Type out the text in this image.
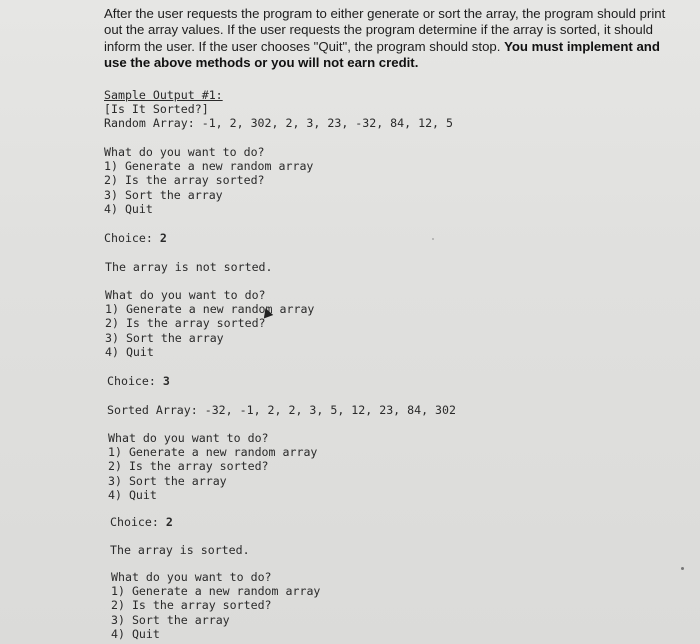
After the user requests the program to either generate or sort the array, the program should print out the array values. If the user requests the program determine if the array is sorted, it should inform the user. If the user chooses "Quit", the program should stop. You must implement and use the above methods or you will not earn credit.
Sample Output #1:
[Is It Sorted?]
Random Array: -1, 2, 302, 2, 3, 23, -32, 84, 12, 5
What do you want to do?
1) Generate a new random array
2) Is the array sorted?
3) Sort the array
4) Quit
Choice: 2
The array is not sorted.
What do you want to do?
1) Generate a new random array
2) Is the array sorted?
3) Sort the array
4) Quit
Choice: 3
Sorted Array: -32, -1, 2, 2, 3, 5, 12, 23, 84, 302
What do you want to do?
1) Generate a new random array
2) Is the array sorted?
3) Sort the array
4) Quit
Choice: 2
The array is sorted.
What do you want to do?
1) Generate a new random array
2) Is the array sorted?
3) Sort the array
4) Quit
